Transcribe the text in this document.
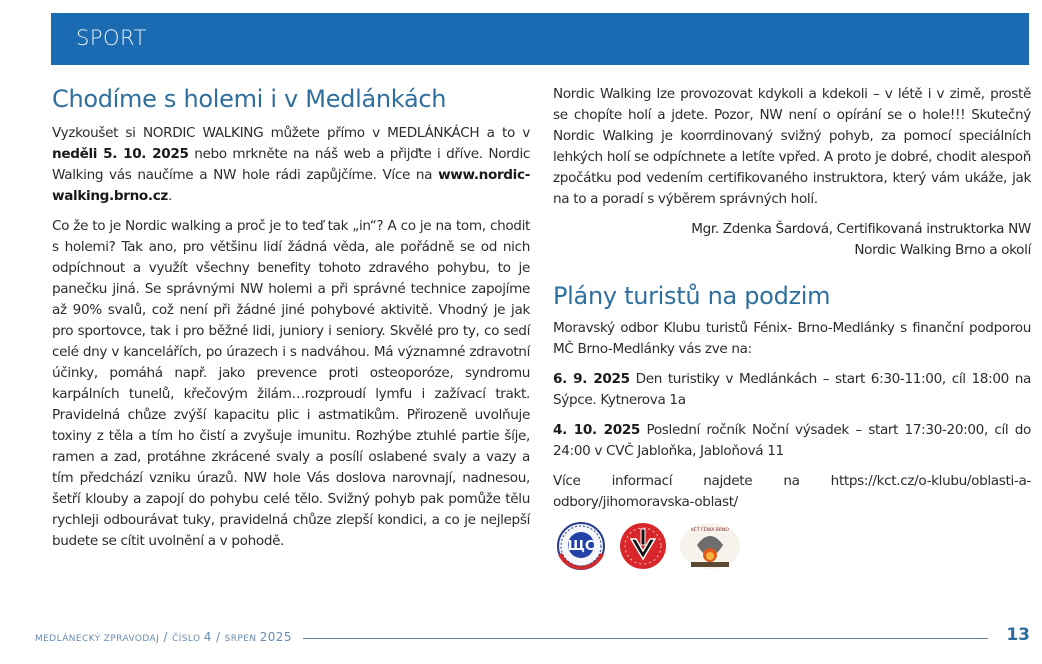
SPORT
Chodíme s holemi i v Medlánkách

Vyzkoušet si NORDIC WALKING můžete přímo v MEDLÁNKÁCH a to v neděli 5. 10. 2025 nebo mrkněte na náš web a přijďte i dříve. Nordic Walking vás naučíme a NW hole rádi zapůjčíme. Více na www.nordic-walking.brno.cz.

Co že to je Nordic walking a proč je to teď tak „in“? A co je na tom, chodit s holemi? Tak ano, pro většinu lidí žádná věda, ale pořádně se od nich odpíchnout a využít všechny benefity tohoto zdravého pohybu, to je panečku jiná. Se správnými NW holemi a při správné technice zapojíme až 90% svalů, což není při žádné jiné pohybové aktivitě. Vhodný je jak pro sportovce, tak i pro běžné lidi, juniory i seniory. Skvělé pro ty, co sedí celé dny v kancelářích, po úrazech i s nadváhou. Má významné zdravotní účinky, pomáhá např. jako prevence proti osteoporóze, syndromu karpálních tunelů, křečovým žilám…rozproudí lymfu i zažívací trakt. Pravidelná chůze zvýší kapacitu plic i astmatikům. Přirozeně uvolňuje toxiny z těla a tím ho čistí a zvyšuje imunitu. Rozhýbe ztuhlé partie šíje, ramen a zad, protáhne zkrácené svaly a posílí oslabené svaly a vazy a tím předchází vzniku úrazů. NW hole Vás doslova narovnají, nadnesou, šetří klouby a zapojí do pohybu celé tělo. Svižný pohyb pak pomůže tělu rychleji odbourávat tuky, pravidelná chůze zlepší kondici, a co je nejlepší budete se cítit uvolnění a v pohodě.

Nordic Walking lze provozovat kdykoli a kdekoli – v létě i v zimě, prostě se chopíte holí a jdete. Pozor, NW není o opírání se o hole!!! Skutečný Nordic Walking je koorrdinovaný svižný pohyb, za pomocí speciálních lehkých holí se odpíchnete a letíte vpřed. A proto je dobré, chodit alespoň zpočátku pod vedením certifikovaného instruktora, který vám ukáže, jak na to a poradí s výběrem správných holí.

Mgr. Zdenka Šardová, Certifikovaná instruktorka NW
Nordic Walking Brno a okolí
Plány turistů na podzim

Moravský odbor Klubu turistů Fénix- Brno-Medlánky s finanční podporou MČ Brno-Medlánky vás zve na:

6. 9. 2025 Den turistiky v Medlánkách – start 6:30-11:00, cíl 18:00 na Sýpce. Kytnerova 1a

4. 10. 2025 Poslední ročník Noční výsadek – start 17:30-20:00, cíl do 24:00 v CVČ Jabloňka, Jabloňová 11

Více informací najdete na https://kct.cz/o-klubu/oblasti-a-odbory/jihomoravska-oblast/

ЩC
KČT FÉNIX BRNO
MEDLÁNECKÝ ZPRAVODAJ / ČÍSLO 4 / SRPEN 2025	13
